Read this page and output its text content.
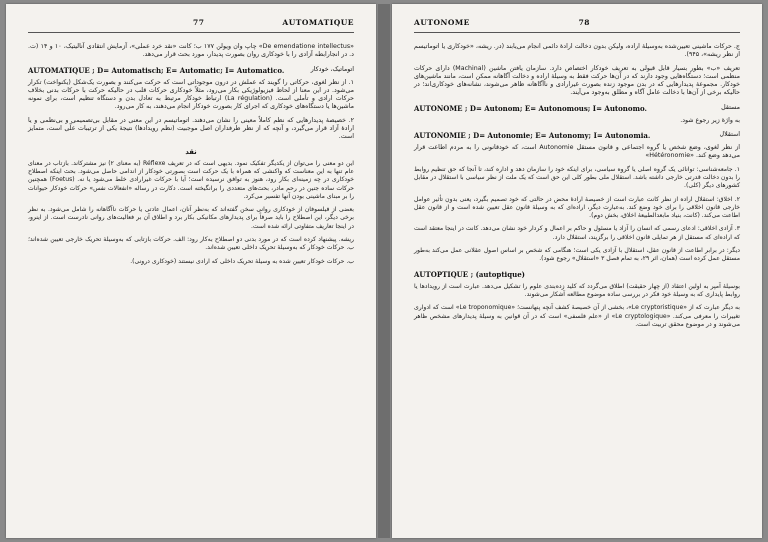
77	AUTOMATIQUE

«De emendatione intellectus» چاپ وان ویولن ۱۷۷ ب؛ کانت «نقد خرد عملی»، آزمایش انتقادی آنالیتیک، ۱۰ و ۱۴ (ت. د. در انجارابطه آزادی را با خودکاری روان بصورت پدیدار، مورد بحث قرار می‌دهد.

اتوماتیک، خودکار
AUTOMATIQUE ; D= Automatisch; E= Automatic; I= Automatico.

۱. از نظر لغوی، حرکاتی را گویند که عملش در درون موجوداتی است که حرکت می‌کنند و بصورت یک‌شکل (یکنواخت) تکرار می‌شود. در این معنا از لحاظ فیزیولوژیکی بکار می‌رود، مثلاً خودکاری حرکات قلب در حالیکه حرکت با حرکات بدنی بخلاف حرکات ارادی و تأملی است. (La régulation) ارتباط خودکار مرتبط به تعادل بدن و دستگاه تنظیم است، برای نمونه ماشین‌ها یا دستگاه‌های خودکاری که اجرای کار بصورت خودکار انجام می‌دهند، به کار می‌رود.

۲. خصیصهٔ پدیدارهایی که نظم کاملاً معینی را نشان می‌دهند. اتوماتیسم در این معنی در مقابل بی‌تصمیمی و بی‌نظمی و یا ارادهٔ آزاد قرار می‌گیرد، و آنچه که از نظر طرفداران اصل موجبیت (نظم رویدادها) نتیجهٔ یکی از ترتیبات علّی است، متمایز است.

نقد

این دو معنی را می‌توان از یکدیگر تفکیک نمود. بدیهی است که در تعریف Réflexe (به معنای ۲) نیز مشترکاند. بازتاب در معنای عام تنها به این معناست که واکنشی که همراه با یک حرکت است بصورتی خودکار از اندامی حاصل می‌شود. بحث اینکه اصطلاح خودکاری در چه زمینه‌ای بکار رود، هنوز به توافق نرسیده است؛ آیا با حرکات غیرارادی خلط می‌شود یا نه. (Foetus) همچنین حرکات ساده جنین در رحم مادر، بحث‌های متعددی را برانگیخته است. دکارت در رساله «انفعالات نفس» حرکات خودکار حیوانات را بر مبنای ماشینی بودن آنها تفسیر می‌کرد.

بعضی از فیلسوفان از خودکاری روانی سخن گفته‌اند که به‌نظر آنان، اعمال عادتی یا حرکات ناآگاهانه را شامل می‌شود. به نظر برخی دیگر، این اصطلاح را باید صرفاً برای پدیدارهای مکانیکی بکار برد و اطلاق آن بر فعالیت‌های روانی نادرست است. از اینرو، در اینجا تعاریف متفاوتی ارائه شده است.

ریشه. پیشنهاد کرده است که در مورد بدنی دو اصطلاح به‌کار رود: الف. حرکات بازتابی که به‌وسیلهٔ تحریک خارجی تعیین شده‌اند؛ ب. حرکات خودکار که به‌وسیلهٔ تحریک داخلی تعیین شده‌اند.

ب. حرکات خودکار تعیین شده به وسیلهٔ تحریک داخلی که ارادی نیستند (خودکاری درونی).

AUTONOME	78

ج. حرکات ماشینی تعیین‌شده به‌وسیلهٔ اراده، ولیکن بدون دخالت ارادهٔ دائمی انجام می‌یابند (در. ریشه، «خودکاری یا اتوماتیسم از نظر ریشه»، ۹۴۵).

تعریف «ب» بطور بسیار قابل قبولی به تعریف خودکار اختصاص دارد. سازمان یافتن ماشین (Machinal) دارای حرکات منظمی است؛ دستگاه‌هایی وجود دارند که در آن‌ها حرکت فقط به وسیلهٔ اراده و دخالت آگاهانه ممکن است، مانند ماشین‌های خودکار. مجموعهٔ پدیدارهایی که در بدن موجود زنده بصورت غیرارادی و ناآگاهانه ظاهر می‌شوند، نشانه‌های خودکاری‌اند؛ در حالیکه برخی از آن‌ها با دخالت عامل آگاه و مطلق به‌وجود می‌آیند.

مستقل
AUTONOME ; D= Autonom; E= Autonomous; I= Autonomo.

به واژهٔ زیر رجوع شود.

استقلال
AUTONOMIE ; D= Autonomie; E= Autonomy; I= Autonomia.

از نظر لغوی، وضع شخص یا گروه اجتماعی و قانون مستقل Autonomie است، که خودقانونی را به مردم اطاعت قرار می‌دهد وضع کند. «Hétéronomie»

۱. جامعه‌شناسی: توانائی یک گروه اصلی یا گروه سیاسی، برای اینکه خود را سازمان دهد و اداره کند، تا آنجا که حق تنظیم روابط را بدون دخالت قدرتی خارجی داشته باشد. استقلال ملی بطور کلی این حق است که یک ملت از نظر سیاسی با استقلال در مقابل کشورهای دیگر (کلی).

۲. اخلاق: استقلال اراده از نظر کانت عبارت است از خصیصهٔ ارادهٔ محض در حالتی که خود تصمیم بگیرد، یعنی بدون تأثیر عوامل خارجی قانون اخلاقی را برای خود وضع کند. به‌عبارت دیگر، اراده‌ای که به وسیلهٔ قانون عقل تعیین شده است و از قانون عقل اطاعت می‌کند. (کانت، بنیاد مابعدالطبیعهٔ اخلاق، بخش دوم).

۳. آزادی اخلاقی: ادعای رسمی که انسان را آزاد یا مسئول و حاکم بر اعمال و کردار خود نشان می‌دهد. کانت در اینجا معتقد است که اراده‌ای که مستقل از هر تمایلی قانون اخلاقی را برگزیند، استقلال دارد.

دیگر: در برابر اطاعت از قانون عقل، استقلال با آزادی یکی است؛ هنگامی که شخص بر اساس اصول عقلانی عمل می‌کند به‌طور مستقل عمل کرده است (همان، اثر ۲۹، به تمام فصل ۳ «استقلال» رجوع شود).

AUTOPTIQUE ; (autoptique)

بوسیلهٔ آمپر به اولین اعتقاد (از چهار حقیقت) اطلاق می‌گردد که کلید زده‌بندی علوم را تشکیل می‌دهد. عبارت است از رویدادها یا روابط پایداری که به وسیلهٔ خود فکر در بررسی ساده موضوع مطالعه آشکار می‌شوند.

به دیگر عبارت که از «Le cryptoristique»، بخشی از آن خصیصهٔ کشف آنچه پنهانست؛ «Le troponomique» است که ادواری تغییرات را معرفی می‌کند. «Le cryptologique» از «علم فلسفی» است که در آن قوانین به وسیلهٔ پدیدارهای مشخص ظاهر می‌شوند و در موضوع محقق تربیت است.
